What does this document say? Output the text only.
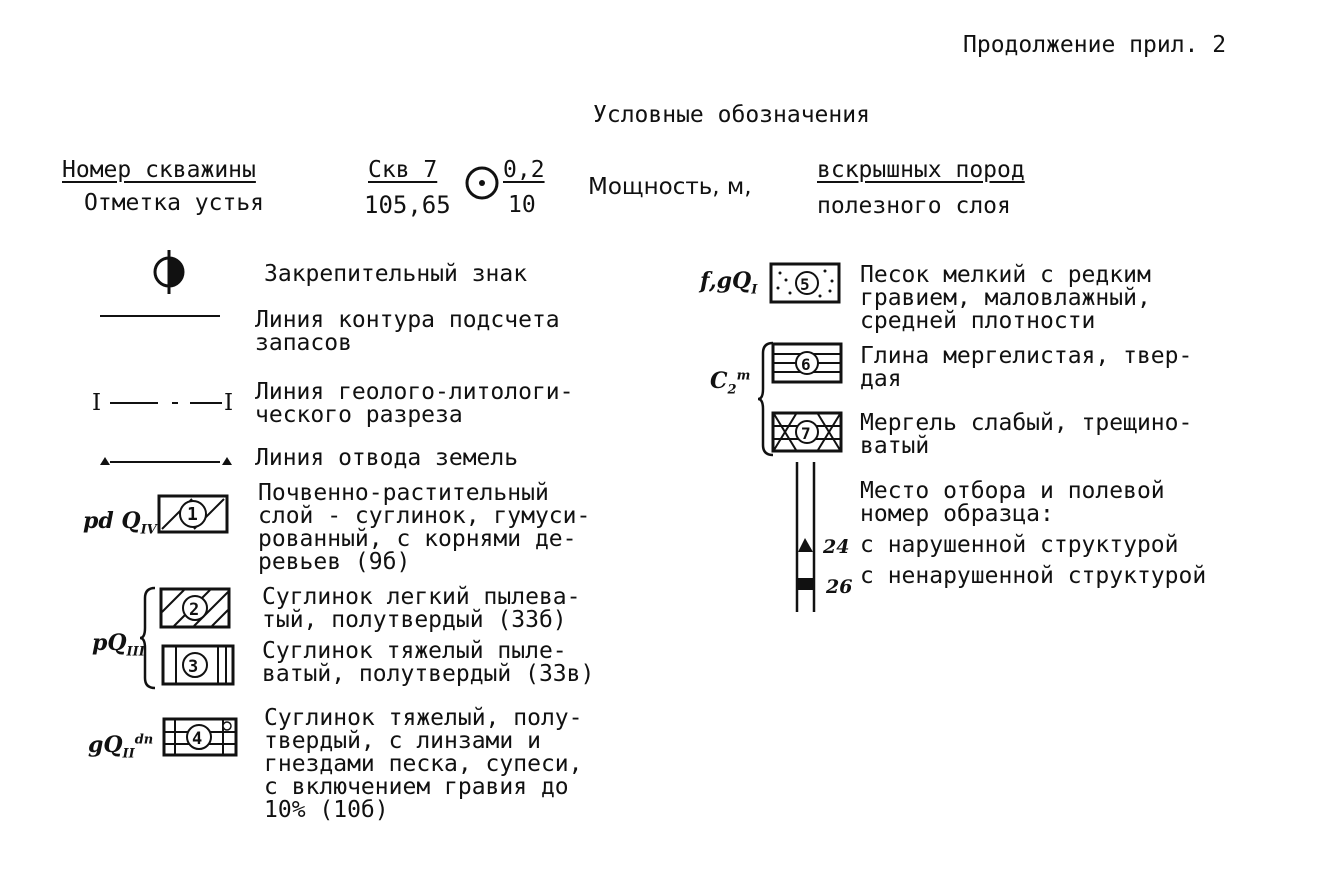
Продолжение прил. 2
Условные обозначения
Номер скважины
Отметка устья
Скв 7
105,65
0,2
10
Мощность, м,
вскрышных пород
полезного слоя
I	I
1
2
3
4
pd $Q_{IV}$
$pQ_{III}$
$gQ_{II}^{dn}$
Закрепительный знак
Линия контура подсчета
запасов
Линия геолого-литологи-
ческого разреза
Линия отвода земель
Почвенно-растительный
слой - суглинок, гумуси-
рованный, с корнями де-
ревьев (9б)
Суглинок легкий пылева-
тый, полутвердый (33б)
Суглинок тяжелый пыле-
ватый, полутвердый (33в)
Суглинок тяжелый, полу-
твердый, с линзами и
гнездами песка, супеси,
с включением гравия до
10% (10б)
$f,gQ_I$	5 Песок мелкий с редким
гравием, маловлажный,
средней плотности
$C_2^m$
6 Глина мергелистая, твер-
дая
7 Мергель слабый, трещино-
ватый
24
26
Место отбора и полевой
номер образца:
с нарушенной структурой
с ненарушенной структурой
